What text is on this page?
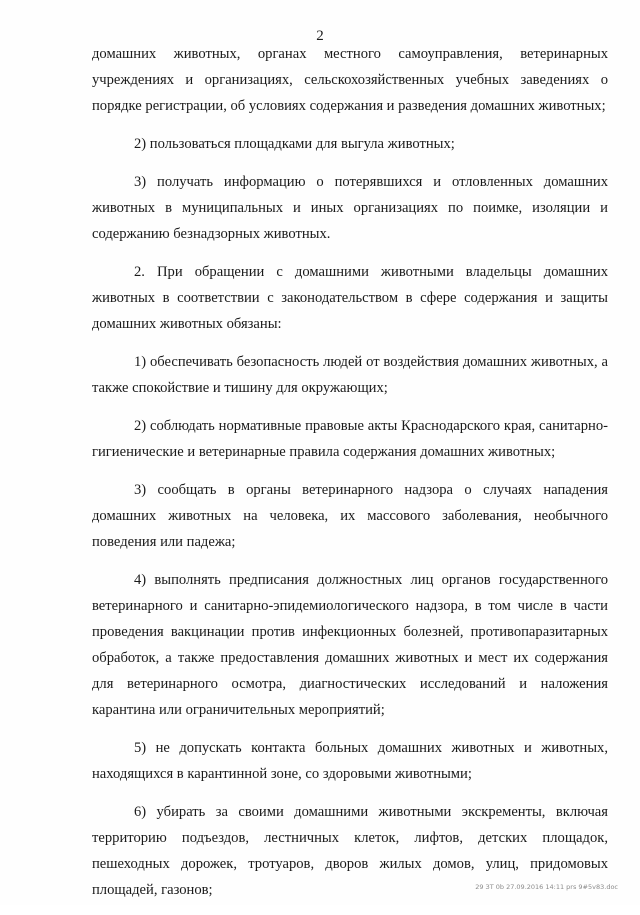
2

домашних животных, органах местного самоуправления, ветеринарных учреждениях и организациях, сельскохозяйственных учебных заведениях о порядке регистрации, об условиях содержания и разведения домашних животных;

2) пользоваться площадками для выгула животных;

3) получать информацию о потерявшихся и отловленных домашних животных в муниципальных и иных организациях по поимке, изоляции и содержанию безнадзорных животных.

2. При обращении с домашними животными владельцы домашних животных в соответствии с законодательством в сфере содержания и защиты домашних животных обязаны:

1) обеспечивать безопасность людей от воздействия домашних животных, а также спокойствие и тишину для окружающих;

2) соблюдать нормативные правовые акты Краснодарского края, санитарно-гигиенические и ветеринарные правила содержания домашних животных;

3) сообщать в органы ветеринарного надзора о случаях нападения домашних животных на человека, их массового заболевания, необычного поведения или падежа;

4) выполнять предписания должностных лиц органов государственного ветеринарного и санитарно-эпидемиологического надзора, в том числе в части проведения вакцинации против инфекционных болезней, противопаразитарных обработок, а также предоставления домашних животных и мест их содержания для ветеринарного осмотра, диагностических исследований и наложения карантина или ограничительных мероприятий;

5) не допускать контакта больных домашних животных и животных, находящихся в карантинной зоне, со здоровыми животными;

6) убирать за своими домашними животными экскременты, включая территорию подъездов, лестничных клеток, лифтов, детских площадок, пешеходных дорожек, тротуаров, дворов жилых домов, улиц, придомовых площадей, газонов;	29 ЗТ 0b 27.09.2016 14:11 prs 9#5v83.doc
